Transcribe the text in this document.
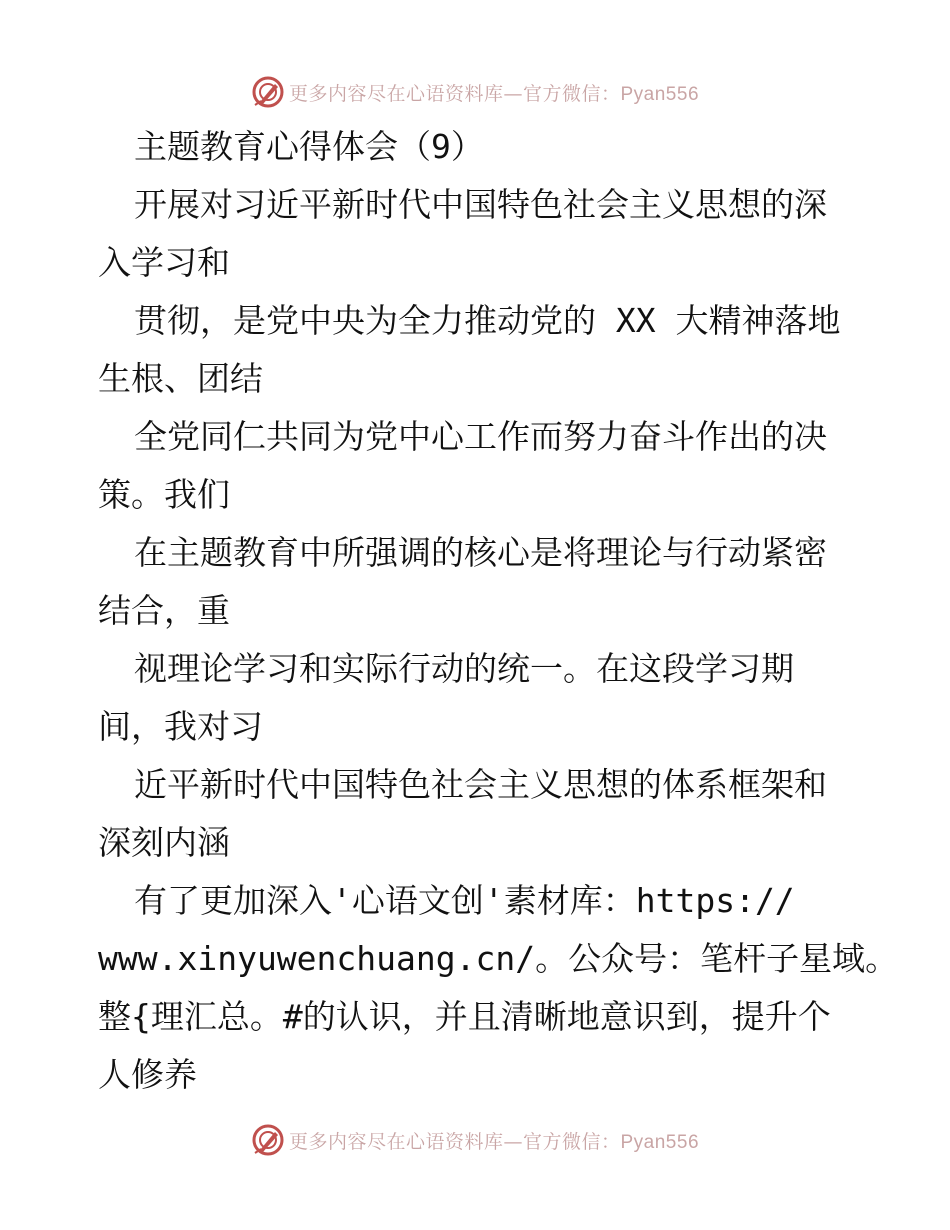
更多内容尽在心语资料库—官方微信：Pyan556
主题教育心得体会（9）
开展对习近平新时代中国特色社会主义思想的深
入学习和
贯彻，是党中央为全力推动党的 XX 大精神落地
生根、团结
全党同仁共同为党中心工作而努力奋斗作出的决
策。我们
在主题教育中所强调的核心是将理论与行动紧密
结合，重
视理论学习和实际行动的统一。在这段学习期
间，我对习
近平新时代中国特色社会主义思想的体系框架和
深刻内涵
有了更加深入'心语文创'素材库：https://
www.xinyuwenchuang.cn/。公众号：笔杆子星域。
整{理汇总。#的认识，并且清晰地意识到，提升个
人修养
更多内容尽在心语资料库—官方微信：Pyan556
